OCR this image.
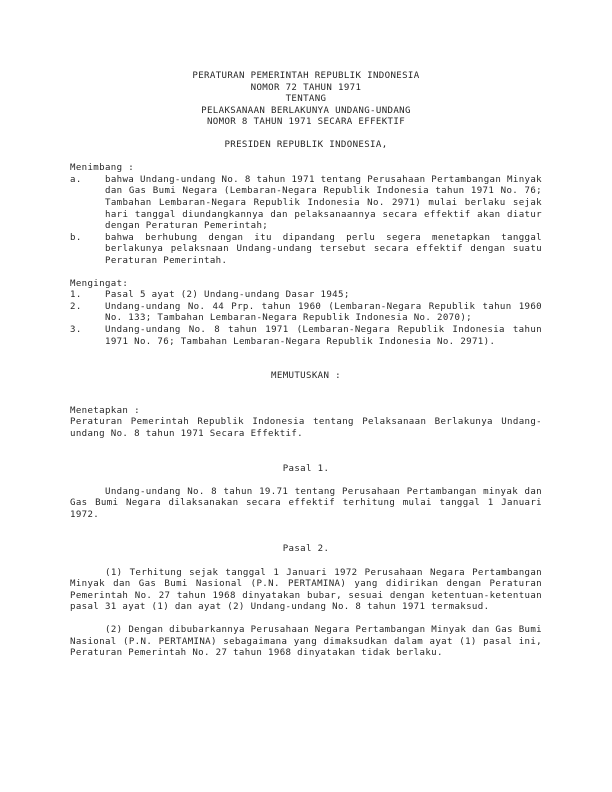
PERATURAN PEMERINTAH REPUBLIK INDONESIA
NOMOR 72 TAHUN 1971
TENTANG
PELAKSANAAN BERLAKUNYA UNDANG-UNDANG
NOMOR 8 TAHUN 1971 SECARA EFFEKTIF
PRESIDEN REPUBLIK INDONESIA,
Menimbang :
a.	bahwa Undang-undang No. 8 tahun 1971 tentang Perusahaan Pertambangan Minyak dan Gas Bumi Negara (Lembaran-Negara Republik Indonesia tahun 1971 No. 76; Tambahan Lembaran-Negara Republik Indonesia No. 2971) mulai berlaku sejak hari tanggal diundangkannya dan pelaksanaannya secara effektif akan diatur dengan Peraturan Pemerintah;
b.	bahwa berhubung dengan itu dipandang perlu segera menetapkan tanggal berlakunya pelaksnaan Undang-undang tersebut secara effektif dengan suatu Peraturan Pemerintah.
Mengingat:
1.	Pasal 5 ayat (2) Undang-undang Dasar 1945;
2.	Undang-undang No. 44 Prp. tahun 1960 (Lembaran-Negara Republik tahun 1960 No. 133; Tambahan Lembaran-Negara Republik Indonesia No. 2070);
3.	Undang-undang No. 8 tahun 1971 (Lembaran-Negara Republik Indonesia tahun 1971 No. 76; Tambahan Lembaran-Negara Republik Indonesia No. 2971).
MEMUTUSKAN :
Menetapkan :
Peraturan Pemerintah Republik Indonesia tentang Pelaksanaan Berlakunya Undang-undang No. 8 tahun 1971 Secara Effektif.
Pasal 1.
Undang-undang No. 8 tahun 19.71 tentang Perusahaan Pertambangan minyak dan Gas Bumi Negara dilaksanakan secara effektif terhitung mulai tanggal 1 Januari 1972.
Pasal 2.
(1) Terhitung sejak tanggal 1 Januari 1972 Perusahaan Negara Pertambangan Minyak dan Gas Bumi Nasional (P.N. PERTAMINA) yang didirikan dengan Peraturan Pemerintah No. 27 tahun 1968 dinyatakan bubar, sesuai dengan ketentuan-ketentuan pasal 31 ayat (1) dan ayat (2) Undang-undang No. 8 tahun 1971 termaksud.
(2) Dengan dibubarkannya Perusahaan Negara Pertambangan Minyak dan Gas Bumi Nasional (P.N. PERTAMINA) sebagaimana yang dimaksudkan dalam ayat (1) pasal ini, Peraturan Pemerintah No. 27 tahun 1968 dinyatakan tidak berlaku.
